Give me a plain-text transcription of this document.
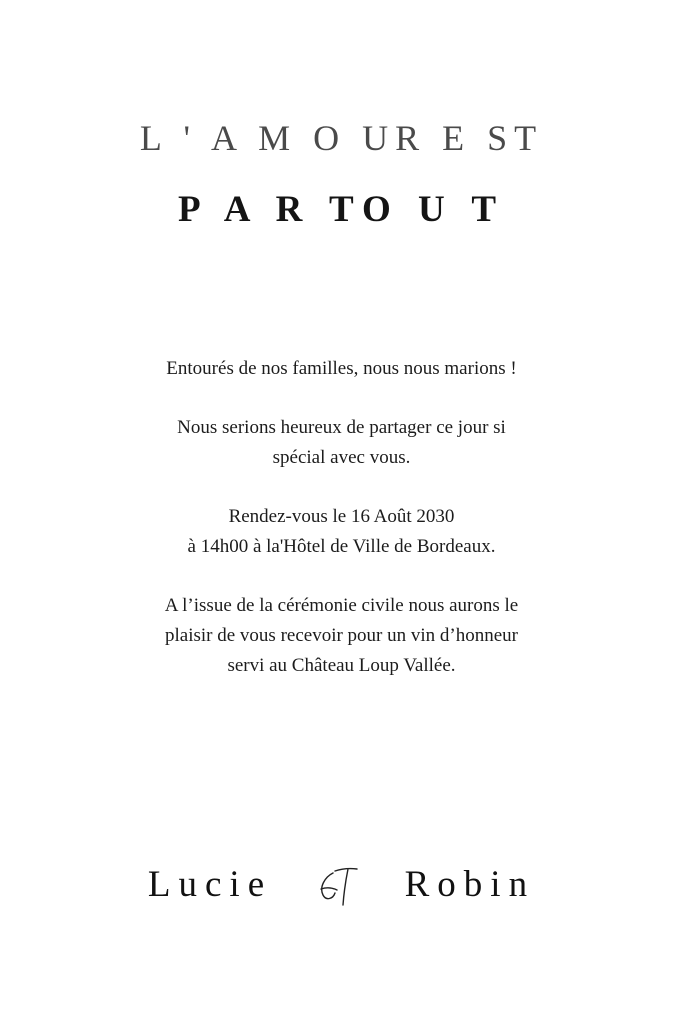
L ' A M O UR E ST
P A R TO U T

Entourés de nos familles, nous nous marions !

Nous serions heureux de partager ce jour si
spécial avec vous.

Rendez-vous le 16 Août 2030
à 14h00 à la'Hôtel de Ville de Bordeaux.

A l’issue de la cérémonie civile nous aurons le
plaisir de vous recevoir pour un vin d’honneur
servi au Château Loup Vallée.

Lucie	Robin
